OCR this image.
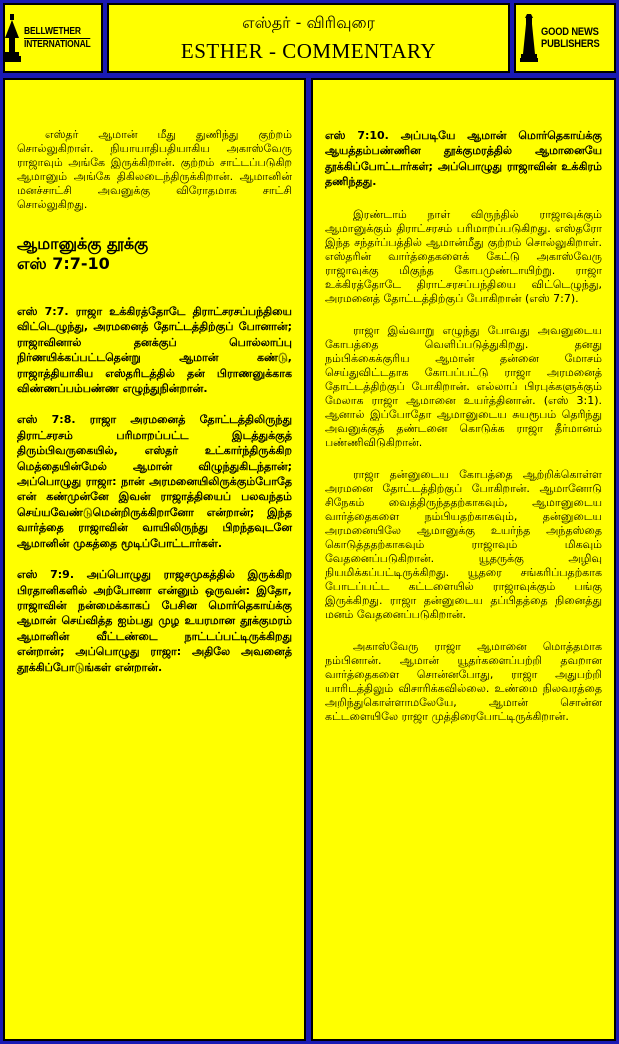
BELLWETHER
INTERNATIONAL
எஸ்தர் - விரிவுரை
ESTHER - COMMENTARY
GOOD NEWS
PUBLISHERS

எஸ்தர் ஆமான் மீது துணிந்து குற்றம் சொல்லுகிறாள். நியாயாதிபதியாகிய அகாஸ்வேரு ராஜாவும் அங்கே இருக்கிறான். குற்றம் சாட்டப்படுகிற ஆமானும் அங்கே திகிலடைந்திருக்கிறான். ஆமானின் மனச்சாட்சி அவனுக்கு விரோதமாக சாட்சி சொல்லுகிறது.

ஆமானுக்கு தூக்கு
எஸ் 7:7-10

எஸ் 7:7. ராஜா உக்கிரத்தோடே திராட்சரசப்பந்தியை விட்டெழுந்து, அரமனைத் தோட்டத்திற்குப் போனான்; ராஜாவினால் தனக்குப் பொல்லாப்பு நிர்ணயிக்கப்பட்டதென்று ஆமான் கண்டு, ராஜாத்தியாகிய எஸ்தரிடத்தில் தன் பிராணனுக்காக விண்ணப்பம்பண்ண எழுந்துநின்றான்.

எஸ் 7:8. ராஜா அரமனைத் தோட்டத்திலிருந்து திராட்சரசம் பரிமாறப்பட்ட இடத்துக்குத் திரும்பிவருகையில், எஸ்தர் உட்கார்ந்திருக்கிற மெத்தையின்மேல் ஆமான் விழுந்துகிடந்தான்; அப்பொழுது ராஜா: நான் அரமனையிலிருக்கும்போதே என் கண்முன்னே இவன் ராஜாத்தியைப் பலவந்தம் செய்யவேண்டுமென்றிருக்கிறானோ என்றான்; இந்த வார்த்தை ராஜாவின் வாயிலிருந்து பிறந்தவுடனே ஆமானின் முகத்தை மூடிப்போட்டார்கள்.

எஸ் 7:9. அப்பொழுது ராஜசமுகத்தில் இருக்கிற பிரதானிகளில் அற்போனா என்னும் ஒருவன்: இதோ, ராஜாவின் நன்மைக்காகப் பேசின மொர்தெகாய்க்கு ஆமான் செய்வித்த ஐம்பது முழ உயரமான தூக்குமரம் ஆமானின் வீட்டண்டை நாட்டப்பட்டிருக்கிறது என்றான்; அப்பொழுது ராஜா: அதிலே அவனைத் தூக்கிப்போடுங்கள் என்றான்.

எஸ் 7:10. அப்படியே ஆமான் மொர்தெகாய்க்கு ஆயத்தம்பண்ணின தூக்குமரத்தில் ஆமானையே தூக்கிப்போட்டார்கள்; அப்பொழுது ராஜாவின் உக்கிரம் தணிந்தது.

இரண்டாம் நாள் விருந்தில் ராஜாவுக்கும் ஆமானுக்கும் திராட்சரசம் பரிமாறப்படுகிறது. எஸ்தரோ இந்த சந்தர்ப்பத்தில் ஆமான்மீது குற்றம் சொல்லுகிறாள். எஸ்தரின் வார்த்தைகளைக் கேட்டு அகாஸ்வேரு ராஜாவுக்கு மிகுந்த கோபமுண்டாயிற்று. ராஜா உக்கிரத்தோடே திராட்சரசப்பந்தியை விட்டெழுந்து, அரமனைத் தோட்டத்திற்குப் போகிறான் (எஸ் 7:7).

ராஜா இவ்வாறு எழுந்து போவது அவனுடைய கோபத்தை வெளிப்படுத்துகிறது. தனது நம்பிக்கைக்குரிய ஆமான் தன்னை மோசம் செய்துவிட்டதாக கோபப்பட்டு ராஜா அரமனைத் தோட்டத்திற்குப் போகிறான். எல்லாப் பிரபுக்களுக்கும் மேலாக ராஜா ஆமானை உயர்த்தினான். (எஸ் 3:1). ஆனால் இப்போதோ ஆமானுடைய சுயரூபம் தெரிந்து அவனுக்குத் தண்டனை கொடுக்க ராஜா தீர்மானம் பண்ணிவிடுகிறான்.

ராஜா தன்னுடைய கோபத்தை ஆற்றிக்கொள்ள அரமனை தோட்டத்திற்குப் போகிறான். ஆமானோடு சிநேகம் வைத்திருந்ததற்காகவும், ஆமானுடைய வார்த்தைகளை நம்பியதற்காகவும், தன்னுடைய அரமனையிலே ஆமானுக்கு உயர்ந்த அந்தஸ்தை கொடுத்ததற்காகவும் ராஜாவும் மிகவும் வேதனைப்படுகிறான். யூதருக்கு அழிவு நியமிக்கப்பட்டிருக்கிறது. யூதரை சங்கரிப்பதற்காக போடப்பட்ட கட்டளையில் ராஜாவுக்கும் பங்கு இருக்கிறது. ராஜா தன்னுடைய தப்பிதத்தை நினைத்து மனம் வேதனைப்படுகிறான்.

அகாஸ்வேரு ராஜா ஆமானை மொத்தமாக நம்பினான். ஆமான் யூதர்களைப்பற்றி தவறான வார்த்தைகளை சொன்னபோது, ராஜா அதுபற்றி யாரிடத்திலும் விசாரிக்கவில்லை. உண்மை நிலவரத்தை அறிந்துகொள்ளாமலேயே, ஆமான் சொன்ன கட்டளையிலே ராஜா முத்திரைபோட்டிருக்கிறான்.
